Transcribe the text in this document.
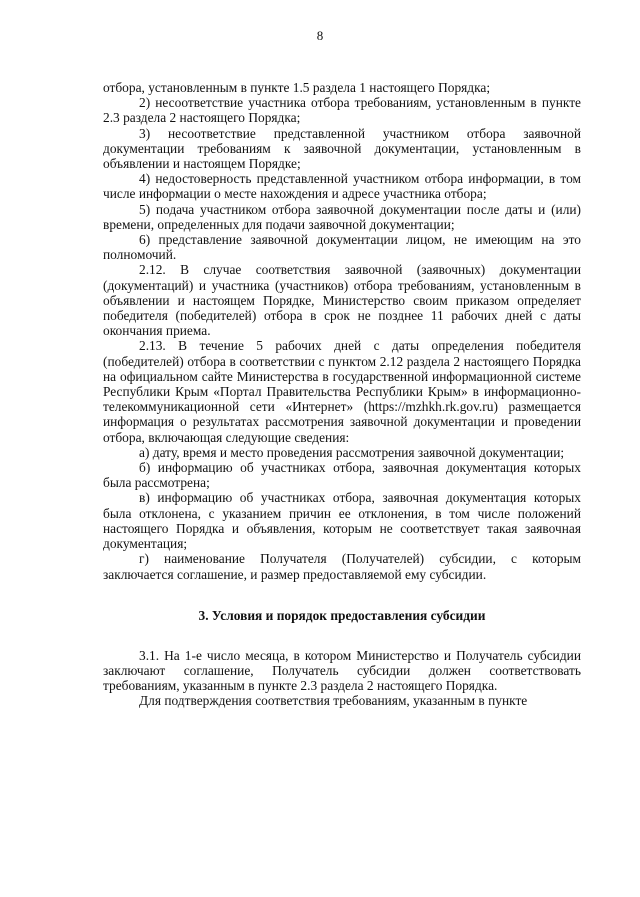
8

отбора, установленным в пункте 1.5 раздела 1 настоящего Порядка;

2) несоответствие участника отбора требованиям, установленным в пункте 2.3 раздела 2 настоящего Порядка;

3) несоответствие представленной участником отбора заявочной документации требованиям к заявочной документации, установленным в объявлении и настоящем Порядке;

4) недостоверность представленной участником отбора информации, в том числе информации о месте нахождения и адресе участника отбора;

5) подача участником отбора заявочной документации после даты и (или) времени, определенных для подачи заявочной документации;

6) представление заявочной документации лицом, не имеющим на это полномочий.

2.12. В случае соответствия заявочной (заявочных) документации (документаций) и участника (участников) отбора требованиям, установленным в объявлении и настоящем Порядке, Министерство своим приказом определяет победителя (победителей) отбора в срок не позднее 11 рабочих дней с даты окончания приема.

2.13. В течение 5 рабочих дней с даты определения победителя (победителей) отбора в соответствии с пунктом 2.12 раздела 2 настоящего Порядка на официальном сайте Министерства в государственной информационной системе Республики Крым «Портал Правительства Республики Крым» в информационно-телекоммуникационной сети «Интернет» (https://mzhkh.rk.gov.ru) размещается информация о результатах рассмотрения заявочной документации и проведении отбора, включающая следующие сведения:

а) дату, время и место проведения рассмотрения заявочной документации;

б) информацию об участниках отбора, заявочная документация которых была рассмотрена;

в) информацию об участниках отбора, заявочная документация которых была отклонена, с указанием причин ее отклонения, в том числе положений настоящего Порядка и объявления, которым не соответствует такая заявочная документация;

г) наименование Получателя (Получателей) субсидии, с которым заключается соглашение, и размер предоставляемой ему субсидии.

3. Условия и порядок предоставления субсидии

3.1. На 1-е число месяца, в котором Министерство и Получатель субсидии заключают соглашение, Получатель субсидии должен соответствовать требованиям, указанным в пункте 2.3 раздела 2 настоящего Порядка.

Для подтверждения соответствия требованиям, указанным в пункте
